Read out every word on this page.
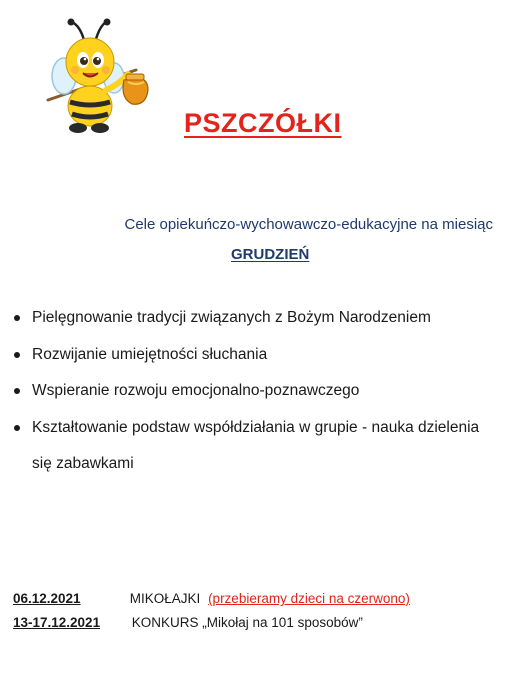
PSZCZÓŁKI
Cele opiekuńczo-wychowawczo-edukacyjne na miesiąc
GRUDZIEŃ
Pielęgnowanie tradycji związanych z Bożym Narodzeniem
Rozwijanie umiejętności słuchania
Wspieranie rozwoju emocjonalno-poznawczego
Kształtowanie podstaw współdziałania w grupie - nauka dzielenia się zabawkami
06.12.2021	MIKOŁAJKI (przebieramy dzieci na czerwono)
13-17.12.2021 KONKURS „Mikołaj na 101 sposobów”
